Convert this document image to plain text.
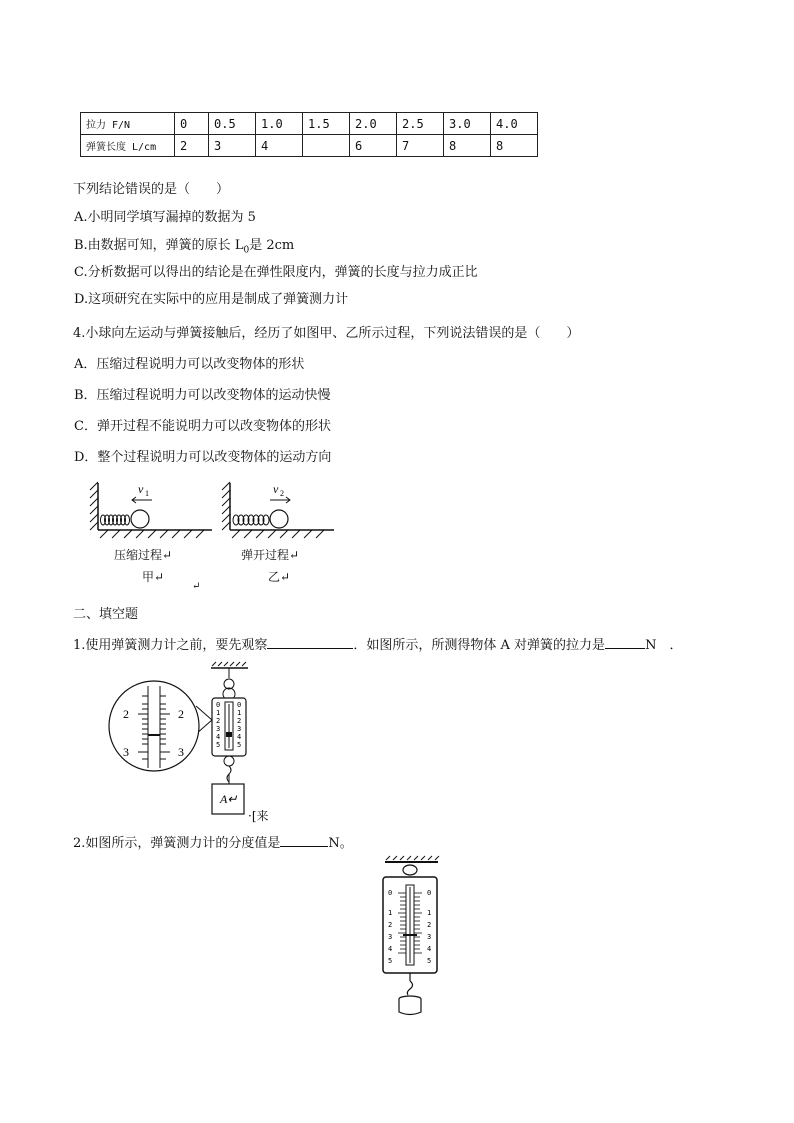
拉力 F/N	0	0.5	1.0	1.5	2.0	2.5	3.0	4.0
弹簧长度 L/cm	2	3	4		6	7	8	8
下列结论错误的是（　　）
A.小明同学填写漏掉的数据为 5
B.由数据可知，弹簧的原长 $L_0$是 2cm
C.分析数据可以得出的结论是在弹性限度内，弹簧的长度与拉力成正比
D.这项研究在实际中的应用是制成了弹簧测力计
4.小球向左运动与弹簧接触后，经历了如图甲、乙所示过程，下列说法错误的是（　　）
A．压缩过程说明力可以改变物体的形状
B．压缩过程说明力可以改变物体的运动快慢
C．弹开过程不能说明力可以改变物体的形状
D．整个过程说明力可以改变物体的运动方向
v 1	v 2
压缩过程↵
甲↵
弹开过程↵
乙↵
↵
二、填空题
1.使用弹簧测力计之前，要先观察	．如图所示，所测得物体 A 对弹簧的拉力是	N　．
0
1
2
3
4
5
0
1
2
3
4
5
A↵
2
3
2
3
·[来
2.如图所示，弹簧测力计的分度值是	N。
0
1
2
3
4
5
0
1
2
3
4
5
